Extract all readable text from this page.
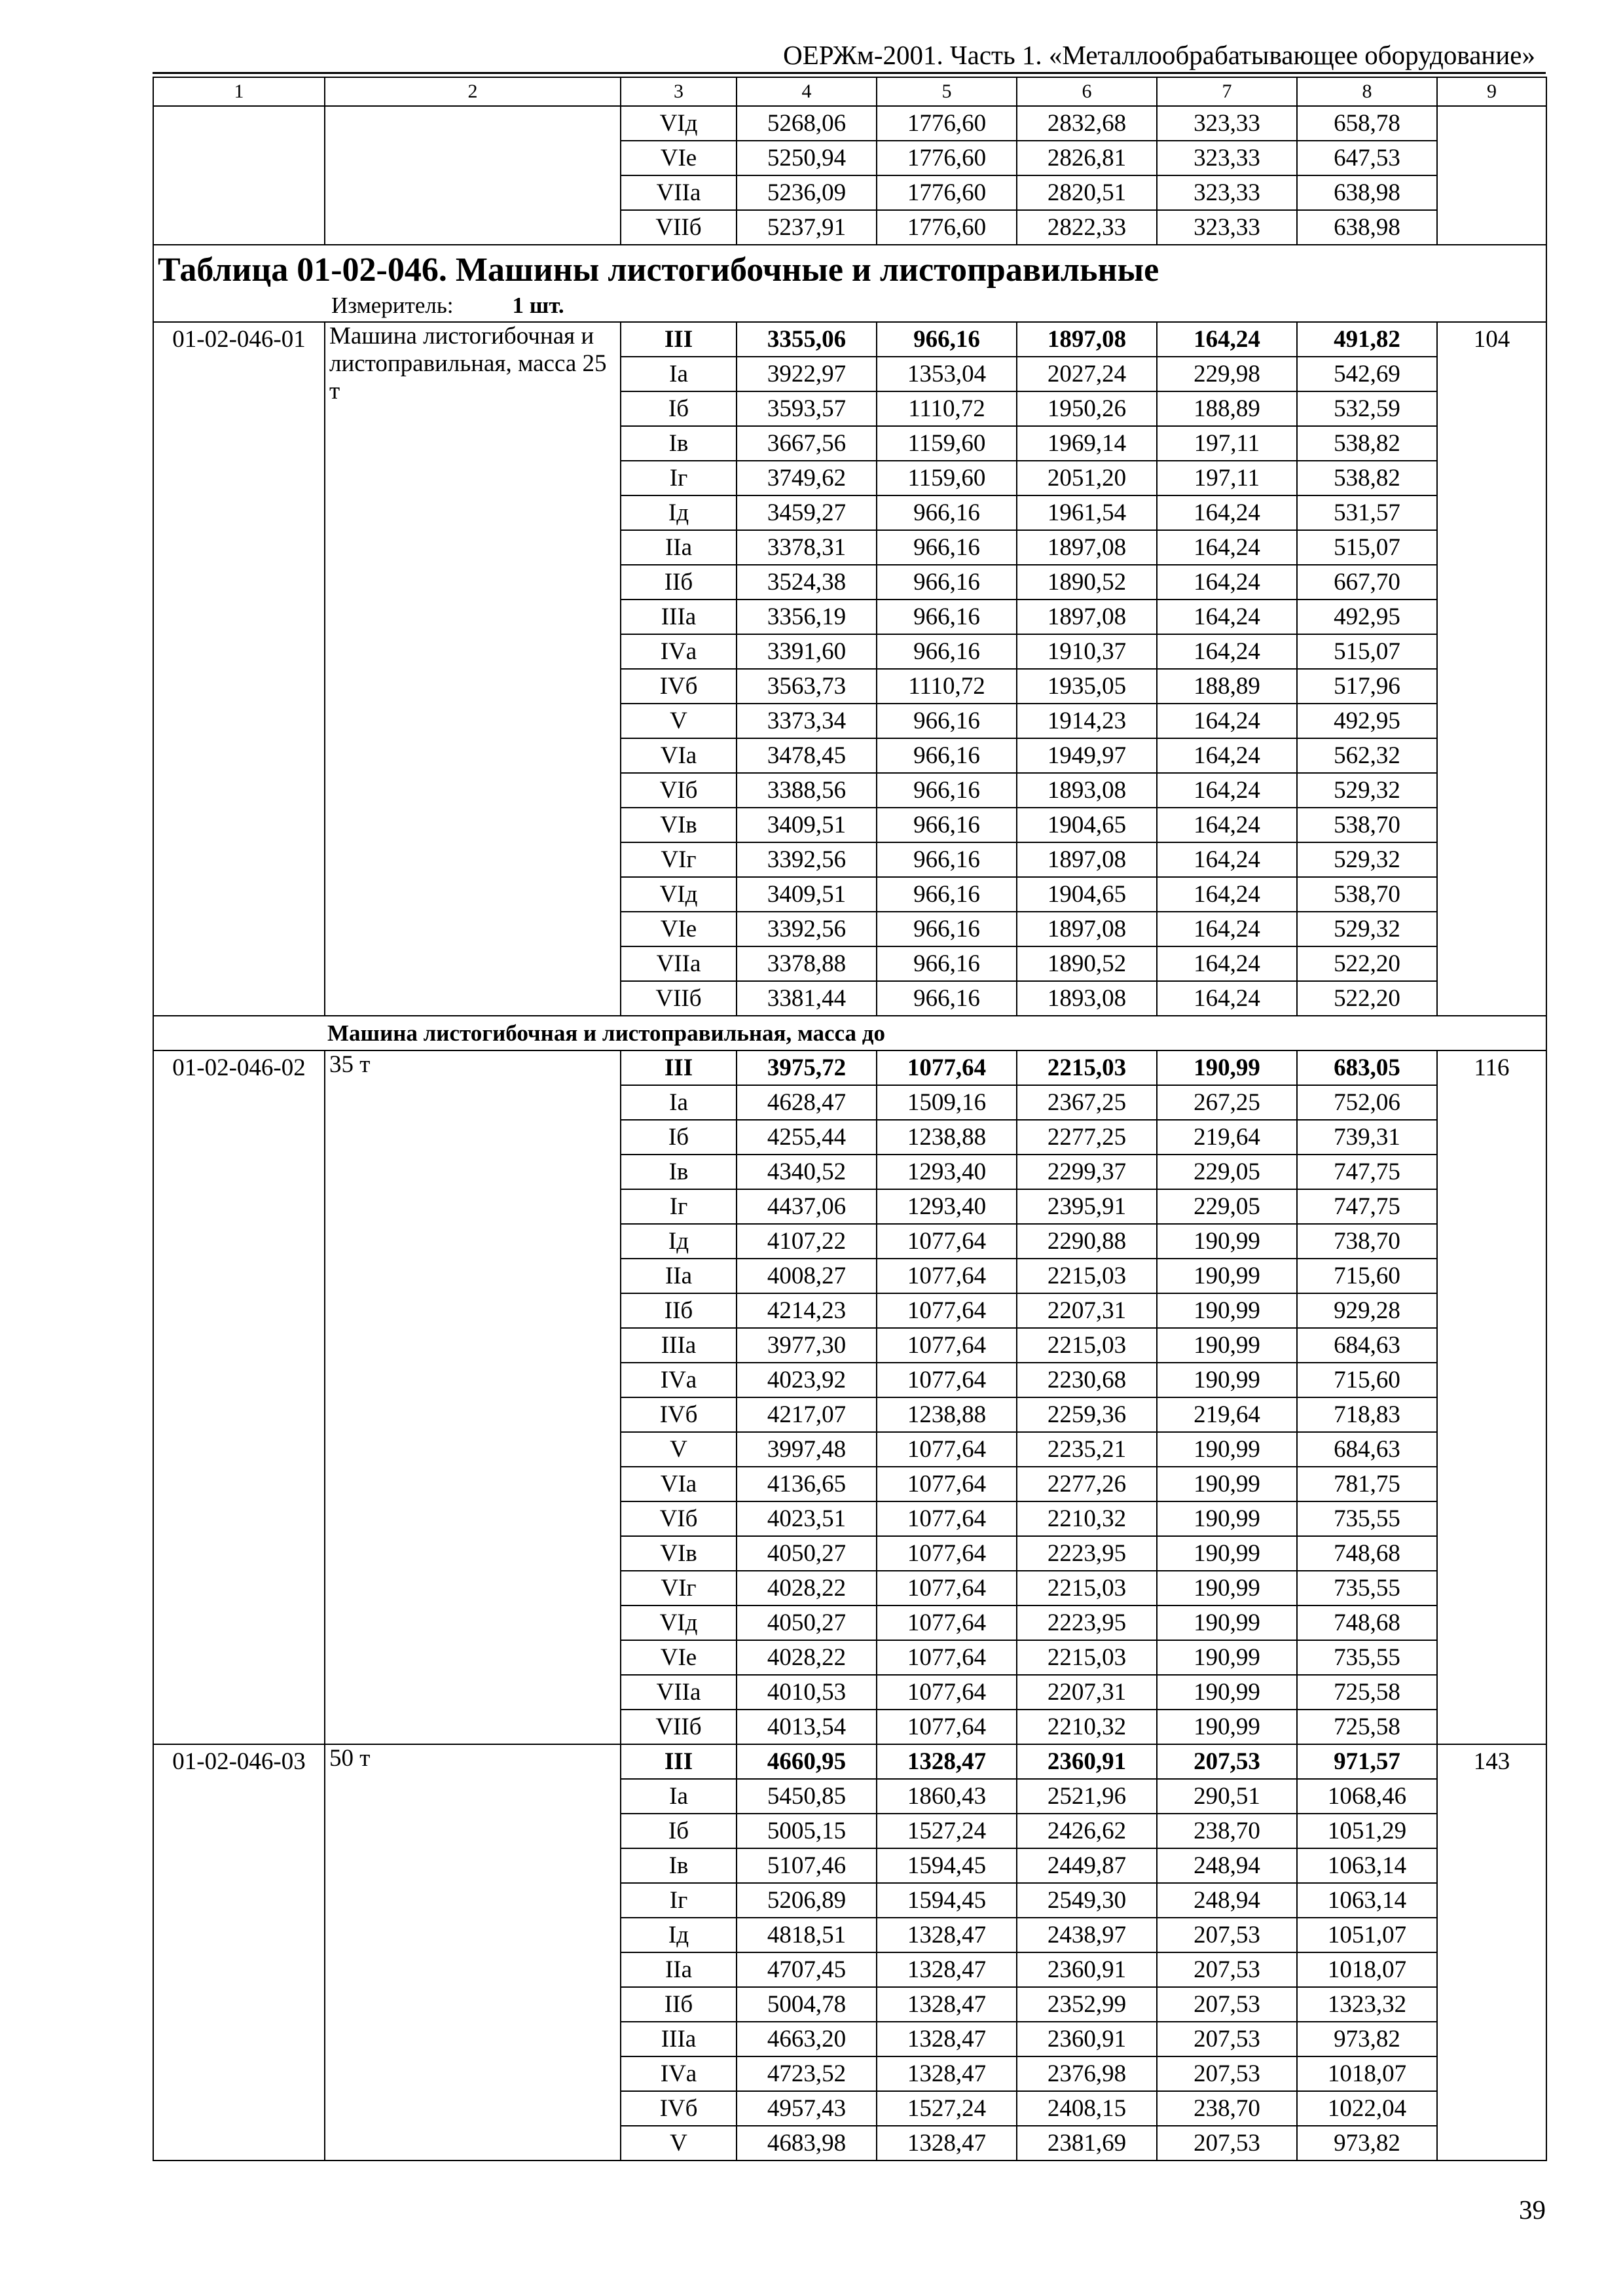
ОЕРЖм-2001. Часть 1. «Металлообрабатывающее оборудование»
1	2	3	4	5	6	7	8	9
		VIд	5268,06	1776,60	2832,68	323,33	658,78	
		VIе	5250,94	1776,60	2826,81	323,33	647,53	
		VIIа	5236,09	1776,60	2820,51	323,33	638,98	
		VIIб	5237,91	1776,60	2822,33	323,33	638,98	

Таблица 01-02-046. Машины листогибочные и листоправильные
Измеритель: 1 шт.								

01-02-046-01	Машина листогибочная и листоправильная, масса 25 т	III	3355,06	966,16	1897,08	164,24	491,82	104
		Iа	3922,97	1353,04	2027,24	229,98	542,69	
		Iб	3593,57	1110,72	1950,26	188,89	532,59	
		Iв	3667,56	1159,60	1969,14	197,11	538,82	
		Iг	3749,62	1159,60	2051,20	197,11	538,82	
		Iд	3459,27	966,16	1961,54	164,24	531,57	
		IIа	3378,31	966,16	1897,08	164,24	515,07	
		IIб	3524,38	966,16	1890,52	164,24	667,70	
		IIIа	3356,19	966,16	1897,08	164,24	492,95	
		IVа	3391,60	966,16	1910,37	164,24	515,07	
		IVб	3563,73	1110,72	1935,05	188,89	517,96	
		V	3373,34	966,16	1914,23	164,24	492,95	
		VIа	3478,45	966,16	1949,97	164,24	562,32	
		VIб	3388,56	966,16	1893,08	164,24	529,32	
		VIв	3409,51	966,16	1904,65	164,24	538,70	
		VIг	3392,56	966,16	1897,08	164,24	529,32	
		VIд	3409,51	966,16	1904,65	164,24	538,70	
		VIе	3392,56	966,16	1897,08	164,24	529,32	
		VIIа	3378,88	966,16	1890,52	164,24	522,20	
		VIIб	3381,44	966,16	1893,08	164,24	522,20	
Машина листогибочная и листоправильная, масса до								
01-02-046-02	35 т	III	3975,72	1077,64	2215,03	190,99	683,05	116
		Iа	4628,47	1509,16	2367,25	267,25	752,06	
		Iб	4255,44	1238,88	2277,25	219,64	739,31	
		Iв	4340,52	1293,40	2299,37	229,05	747,75	
		Iг	4437,06	1293,40	2395,91	229,05	747,75	
		Iд	4107,22	1077,64	2290,88	190,99	738,70	
		IIа	4008,27	1077,64	2215,03	190,99	715,60	
		IIб	4214,23	1077,64	2207,31	190,99	929,28	
		IIIа	3977,30	1077,64	2215,03	190,99	684,63	
		IVа	4023,92	1077,64	2230,68	190,99	715,60	
		IVб	4217,07	1238,88	2259,36	219,64	718,83	
		V	3997,48	1077,64	2235,21	190,99	684,63	
		VIа	4136,65	1077,64	2277,26	190,99	781,75	
		VIб	4023,51	1077,64	2210,32	190,99	735,55	
		VIв	4050,27	1077,64	2223,95	190,99	748,68	
		VIг	4028,22	1077,64	2215,03	190,99	735,55	
		VIд	4050,27	1077,64	2223,95	190,99	748,68	
		VIе	4028,22	1077,64	2215,03	190,99	735,55	
		VIIа	4010,53	1077,64	2207,31	190,99	725,58	
		VIIб	4013,54	1077,64	2210,32	190,99	725,58	
01-02-046-03	50 т	III	4660,95	1328,47	2360,91	207,53	971,57	143
		Iа	5450,85	1860,43	2521,96	290,51	1068,46	
		Iб	5005,15	1527,24	2426,62	238,70	1051,29	
		Iв	5107,46	1594,45	2449,87	248,94	1063,14	
		Iг	5206,89	1594,45	2549,30	248,94	1063,14	
		Iд	4818,51	1328,47	2438,97	207,53	1051,07	
		IIа	4707,45	1328,47	2360,91	207,53	1018,07	
		IIб	5004,78	1328,47	2352,99	207,53	1323,32	
		IIIа	4663,20	1328,47	2360,91	207,53	973,82	
		IVа	4723,52	1328,47	2376,98	207,53	1018,07	
		IVб	4957,43	1527,24	2408,15	238,70	1022,04	
		V	4683,98	1328,47	2381,69	207,53	973,82	
39
